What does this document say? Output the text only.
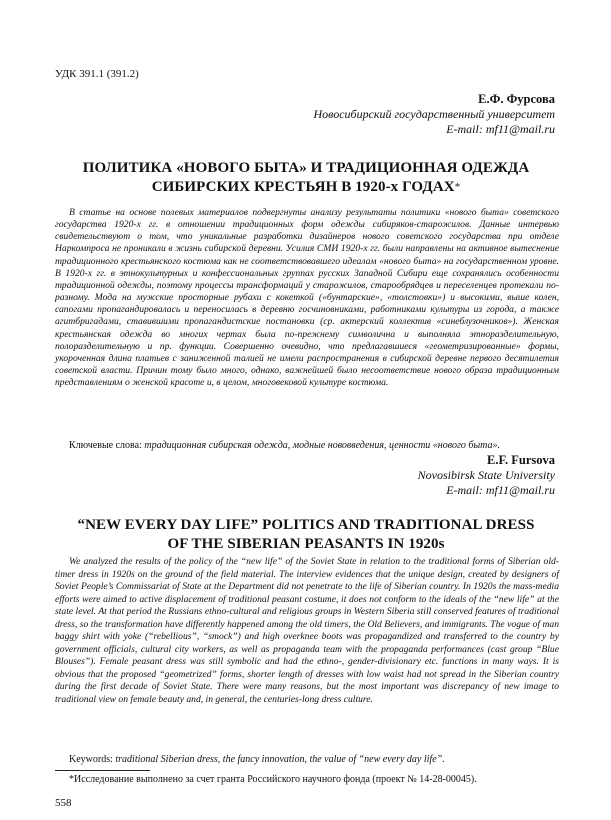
УДК 391.1 (391.2)
Е.Ф. Фурсова
Новосибирский государственный университет
E-mail: mf11@mail.ru
ПОЛИТИКА «НОВОГО БЫТА» И ТРАДИЦИОННАЯ ОДЕЖДА
СИБИРСКИХ КРЕСТЬЯН В 1920-х ГОДАХ*
В статье на основе полевых материалов подвергнуты анализу результаты политики «нового быта» советского государства 1920-х гг. в отношении традиционных форм одежды сибиряков-старожилов. Данные интервью свидетельствуют о том, что уникальные разработки дизайнеров нового советского государства при отделе Наркомпроса не проникали в жизнь сибирской деревни. Усилия СМИ 1920-х гг. были направлены на активное вытеснение традиционного крестьянского костюма как не соответствовавшего идеалам «нового быта» на государственном уровне. В 1920-х гг. в этнокультурных и конфессиональных группах русских Западной Сибири еще сохранялись особенности традиционной одежды, поэтому процессы трансформаций у старожилов, старообрядцев и переселенцев протекали по-разному. Мода на мужские просторные рубахи с кокеткой («бунтарские», «толстовки») и высокими, выше колен, сапогами пропагандировалась и переносилась в деревню госчиновниками, работниками культуры из города, а также агитбригадами, ставившими пропагандистские постановки (ср. актерский коллектив «синеблузочников»). Женская крестьянская одежда во многих чертах была по-прежнему символична и выполняла этноразделительную, полоразделительную и пр. функции. Совершенно очевидно, что предлагавшиеся «геометризированные» формы, укороченная длина платьев с заниженной талией не имели распространения в сибирской деревне первого десятилетия советской власти. Причин тому было много, однако, важнейшей было несоответствие нового образа традиционным представлениям о женской красоте и, в целом, многовековой культуре костюма.
Ключевые слова: традиционная сибирская одежда, модные нововведения, ценности «нового быта».
E.F. Fursova
Novosibirsk State University
E-mail: mf11@mail.ru
“NEW EVERY DAY LIFE” POLITICS AND TRADITIONAL DRESS
OF THE SIBERIAN PEASANTS IN 1920s
We analyzed the results of the policy of the “new life” of the Soviet State in relation to the traditional forms of Siberian old-timer dress in 1920s on the ground of the field material. The interview evidences that the unique design, created by designers of Soviet People’s Commissariat of State at the Department did not penetrate to the life of Siberian country. In 1920s the mass-media efforts were aimed to active displacement of traditional peasant costume, it does not conform to the ideals of the “new life” at the state level. At that period the Russians ethno-cultural and religious groups in Western Siberia still conserved features of traditional dress, so the transformation have differently happened among the old timers, the Old Believers, and immigrants. The vogue of man baggy shirt with yoke (“rebellious”, “smock”) and high overknee boots was propagandized and transferred to the country by government officials, cultural city workers, as well as propaganda team with the propaganda performances (cast group “Blue Blouses”). Female peasant dress was still symbolic and had the ethno-, gender-divisionary etc. functions in many ways. It is obvious that the proposed “geometrized” forms, shorter length of dresses with low waist had not spread in the Siberian country during the first decade of Soviet State. There were many reasons, but the most important was discrepancy of new image to traditional view on female beauty and, in general, the centuries-long dress culture.
Keywords: traditional Siberian dress, the fancy innovation, the value of “new every day life”.
*Исследование выполнено за счет гранта Российского научного фонда (проект № 14-28-00045).
558
